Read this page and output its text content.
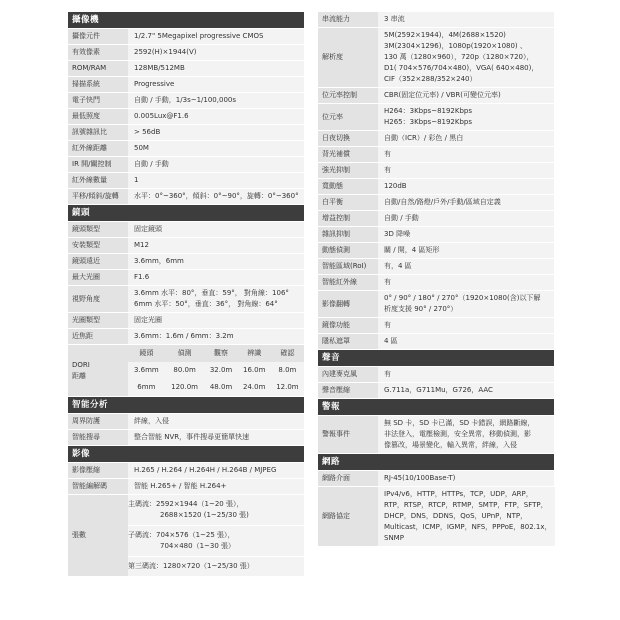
攝像機
攝像元件	1/2.7" 5Megapixel progressive CMOS
有效像素	2592(H)×1944(V)
ROM/RAM	128MB/512MB
掃描系統	Progressive
電子快門	自動 / 手動，1/3s~1/100,000s
最低照度	0.005Lux@F1.6
訊號雜訊比	> 56dB
紅外線距離	50M
IR 開/關控制	自動 / 手動
紅外線數量	1
平移/傾斜/旋轉	水平：0°~360°，傾斜：0°~90°，旋轉：0°~360°
鏡頭
鏡頭類型	固定鏡頭
安裝類型	M12
鏡頭遠近	3.6mm，6mm
最大光圈	F1.6
視野角度
3.6mm 水平：80°，垂直：59°， 對角線：106°
6mm 水平：50°，垂直：36°， 對角線：64°
光圈類型	固定光圈
近焦距	3.6mm：1.6m / 6mm：3.2m
DORI
距離
鏡頭	偵測	觀察	辨識	確認
3.6mm	80.0m	32.0m	16.0m	8.0m
6mm	120.0m	48.0m	24.0m	12.0m
智能分析
周界防護	絆線，入侵
智能搜尋	整合智能 NVR，事件搜尋更簡單快速
影像
影像壓縮	H.265 / H.264 / H.264H / H.264B / MJPEG
智能編解碼	智能 H.265+ / 智能 H.264+
張數
主碼流：2592×1944（1~20 張），
2688×1520 (1~25/30 張)
子碼流：704×576（1~25 張），
704×480（1~30 張）
第三碼流：1280×720（1~25/30 張）
串流能力	3 串流
解析度
5M(2592×1944)，4M(2688×1520)
3M(2304×1296)，1080p(1920×1080) 、
130 萬（1280×960），720p（1280×720），
D1( 704×576/704×480)，VGA( 640×480)，
CIF（352×288/352×240）
位元率控制	CBR(固定位元率) / VBR(可變位元率)
位元率
H264：3Kbps~8192Kbps
H265：3Kbps~8192Kbps
日夜切換	自動（ICR）/ 彩色 / 黑白
背光補償	有
強光抑制	有
寬動態	120dB
白平衡	自動/自然/路燈/戶外/手動/區域自定義
增益控制	自動 / 手動
雜訊抑制	3D 降噪
動態偵測	關 / 開，4 區矩形
智能區域(RoI)	有，4 區
智能紅外線	有
影像翻轉
0° / 90° / 180° / 270°（1920×1080(含)以下解
析度支援 90° / 270°）
鏡像功能	有
隱私遮罩	4 區
聲音
內建麥克風	有
聲音壓縮	G.711a，G711Mu，G726，AAC
警報
警報事件
無 SD 卡，SD 卡已滿，SD 卡錯誤，網路斷線，
非法登入，電壓檢測，安全異常，移動偵測，影
像篡改，場景變化，輸入異常，絆線，入侵
網路
網路介面	RJ-45(10/100Base-T)
網路協定
IPv4/v6，HTTP，HTTPs，TCP，UDP，ARP，
RTP，RTSP，RTCP，RTMP，SMTP，FTP，SFTP，
DHCP，DNS，DDNS，QoS，UPnP，NTP，
Multicast，ICMP，IGMP，NFS，PPPoE，802.1x，
SNMP
